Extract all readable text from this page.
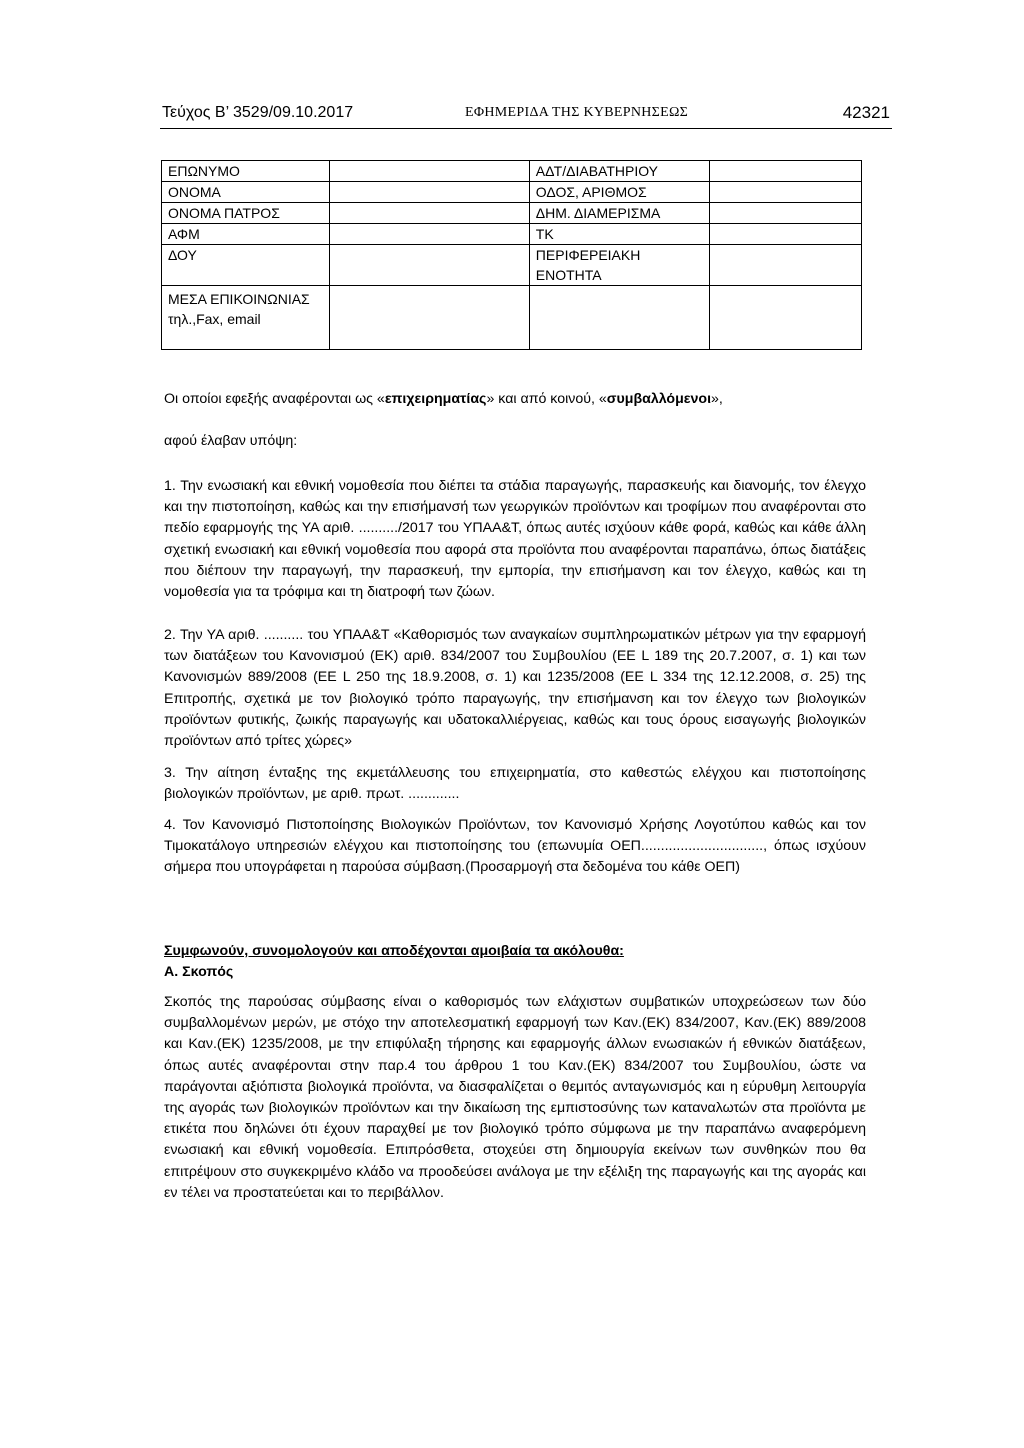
Τεύχος Β’ 3529/09.10.2017	ΕΦΗΜΕΡΙΔΑ ΤΗΣ ΚΥΒΕΡΝΗΣΕΩΣ	42321
ΕΠΩΝΥΜΟ		ΑΔΤ/ΔΙΑΒΑΤΗΡΙΟΥ	
ΟΝΟΜΑ		ΟΔΟΣ, ΑΡΙΘΜΟΣ	
ΟΝΟΜΑ ΠΑΤΡΟΣ		ΔΗΜ. ΔΙΑΜΕΡΙΣΜΑ	
ΑΦΜ		ΤΚ	
ΔΟΥ		ΠΕΡΙΦΕΡΕΙΑΚΗ ΕΝΟΤΗΤΑ	
ΜΕΣΑ ΕΠΙΚΟΙΝΩΝΙΑΣ τηλ.,Fax, email			

Οι οποίοι εφεξής αναφέρονται ως «επιχειρηματίας» και από κοινού, «συμβαλλόμενοι»,

αφού έλαβαν υπόψη:

1. Την ενωσιακή και εθνική νομοθεσία που διέπει τα στάδια παραγωγής, παρασκευής και διανομής, τον έλεγχο και την πιστοποίηση, καθώς και την επισήμανσή των γεωργικών προϊόντων και τροφίμων που αναφέρονται στο πεδίο εφαρμογής της ΥΑ αριθ. ........../2017 του ΥΠΑΑ&Τ, όπως αυτές ισχύουν κάθε φορά, καθώς και κάθε άλλη σχετική ενωσιακή και εθνική νομοθεσία που αφορά στα προϊόντα που αναφέρονται παραπάνω, όπως διατάξεις που διέπουν την παραγωγή, την παρασκευή, την εμπορία, την επισήμανση και τον έλεγχο, καθώς και τη νομοθεσία για τα τρόφιμα και τη διατροφή των ζώων.

2. Την ΥΑ αριθ. .......... του ΥΠΑΑ&Τ «Καθορισμός των αναγκαίων συμπληρωματικών μέτρων για την εφαρμογή των διατάξεων του Κανονισμού (ΕΚ) αριθ. 834/2007 του Συμβουλίου (ΕΕ L 189 της 20.7.2007, σ. 1) και των Κανονισμών 889/2008 (ΕΕ L 250 της 18.9.2008, σ. 1) και 1235/2008 (ΕΕ L 334 της 12.12.2008, σ. 25) της Επιτροπής, σχετικά με τον βιολογικό τρόπο παραγωγής, την επισήμανση και τον έλεγχο των βιολογικών προϊόντων φυτικής, ζωικής παραγωγής και υδατοκαλλιέργειας, καθώς και τους όρους εισαγωγής βιολογικών προϊόντων από τρίτες χώρες»

3. Την αίτηση ένταξης της εκμετάλλευσης του επιχειρηματία, στο καθεστώς ελέγχου και πιστοποίησης βιολογικών προϊόντων, με αριθ. πρωτ. .............

4. Τον Κανονισμό Πιστοποίησης Βιολογικών Προϊόντων, τον Κανονισμό Χρήσης Λογοτύπου καθώς και τον Τιμοκατάλογο υπηρεσιών ελέγχου και πιστοποίησης του (επωνυμία ΟΕΠ..............................., όπως ισχύουν σήμερα που υπογράφεται η παρούσα σύμβαση.(Προσαρμογή στα δεδομένα του κάθε ΟΕΠ)

Συμφωνούν, συνομολογούν και αποδέχονται αμοιβαία τα ακόλουθα:

Α. Σκοπός

Σκοπός της παρούσας σύμβασης είναι ο καθορισμός των ελάχιστων συμβατικών υποχρεώσεων των δύο συμβαλλομένων μερών, με στόχο την αποτελεσματική εφαρμογή των Καν.(ΕΚ) 834/2007, Καν.(ΕΚ) 889/2008 και Καν.(ΕΚ) 1235/2008, με την επιφύλαξη τήρησης και εφαρμογής άλλων ενωσιακών ή εθνικών διατάξεων, όπως αυτές αναφέρονται στην παρ.4 του άρθρου 1 του Καν.(ΕΚ) 834/2007 του Συμβουλίου, ώστε να παράγονται αξιόπιστα βιολογικά προϊόντα, να διασφαλίζεται ο θεμιτός ανταγωνισμός και η εύρυθμη λειτουργία της αγοράς των βιολογικών προϊόντων και την δικαίωση της εμπιστοσύνης των καταναλωτών στα προϊόντα με ετικέτα που δηλώνει ότι έχουν παραχθεί με τον βιολογικό τρόπο σύμφωνα με την παραπάνω αναφερόμενη ενωσιακή και εθνική νομοθεσία. Επιπρόσθετα, στοχεύει στη δημιουργία εκείνων των συνθηκών που θα επιτρέψουν στο συγκεκριμένο κλάδο να προοδεύσει ανάλογα με την εξέλιξη της παραγωγής και της αγοράς και εν τέλει να προστατεύεται και το περιβάλλον.
